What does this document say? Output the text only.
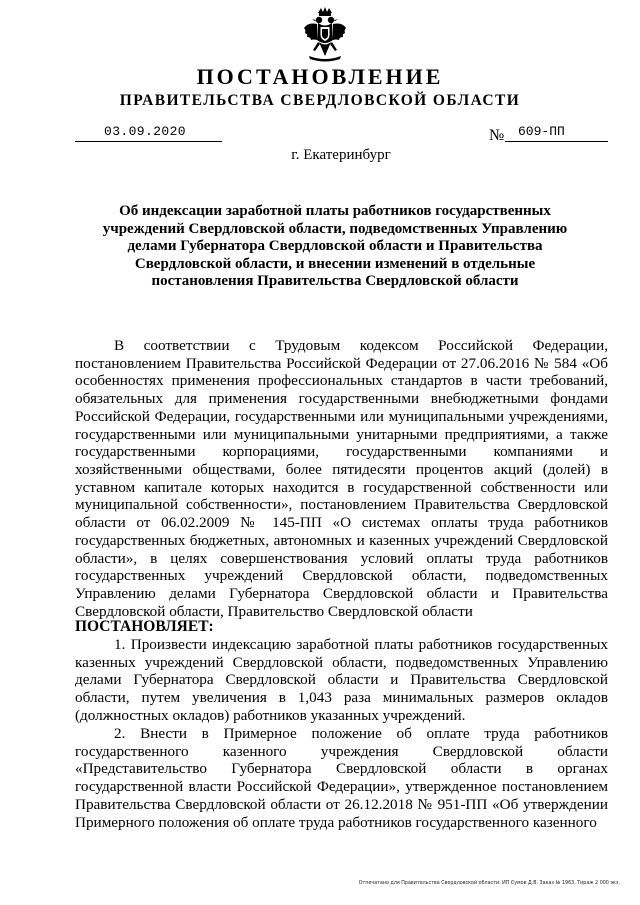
ПОСТАНОВЛЕНИЕ
ПРАВИТЕЛЬСТВА СВЕРДЛОВСКОЙ ОБЛАСТИ
03.09.2020	№ 609-ПП
г. Екатеринбург
Об индексации заработной платы работников государственных учреждений Свердловской области, подведомственных Управлению делами Губернатора Свердловской области и Правительства Свердловской области, и внесении изменений в отдельные постановления Правительства Свердловской области
В соответствии с Трудовым кодексом Российской Федерации, постановлением Правительства Российской Федерации от 27.06.2016 № 584 «Об особенностях применения профессиональных стандартов в части требований, обязательных для применения государственными внебюджетными фондами Российской Федерации, государственными или муниципальными учреждениями, государственными или муниципальными унитарными предприятиями, а также государственными корпорациями, государственными компаниями и хозяйственными обществами, более пятидесяти процентов акций (долей) в уставном капитале которых находится в государственной собственности или муниципальной собственности», постановлением Правительства Свердловской области от 06.02.2009 № 145-ПП «О системах оплаты труда работников государственных бюджетных, автономных и казенных учреждений Свердловской области», в целях совершенствования условий оплаты труда работников государственных учреждений Свердловской области, подведомственных Управлению делами Губернатора Свердловской области и Правительства Свердловской области, Правительство Свердловской области
ПОСТАНОВЛЯЕТ:
1. Произвести индексацию заработной платы работников государственных казенных учреждений Свердловской области, подведомственных Управлению делами Губернатора Свердловской области и Правительства Свердловской области, путем увеличения в 1,043 раза минимальных размеров окладов (должностных окладов) работников указанных учреждений.
2. Внести в Примерное положение об оплате труда работников государственного казенного учреждения Свердловской области «Представительство Губернатора Свердловской области в органах государственной власти Российской Федерации», утвержденное постановлением Правительства Свердловской области от 26.12.2018 № 951-ПП «Об утверждении Примерного положения об оплате труда работников государственного казенного
Отпечатано для Правительства Свердловской области. ИП Сумов Д.В. Заказ № 1963. Тираж 2 000 экз.
